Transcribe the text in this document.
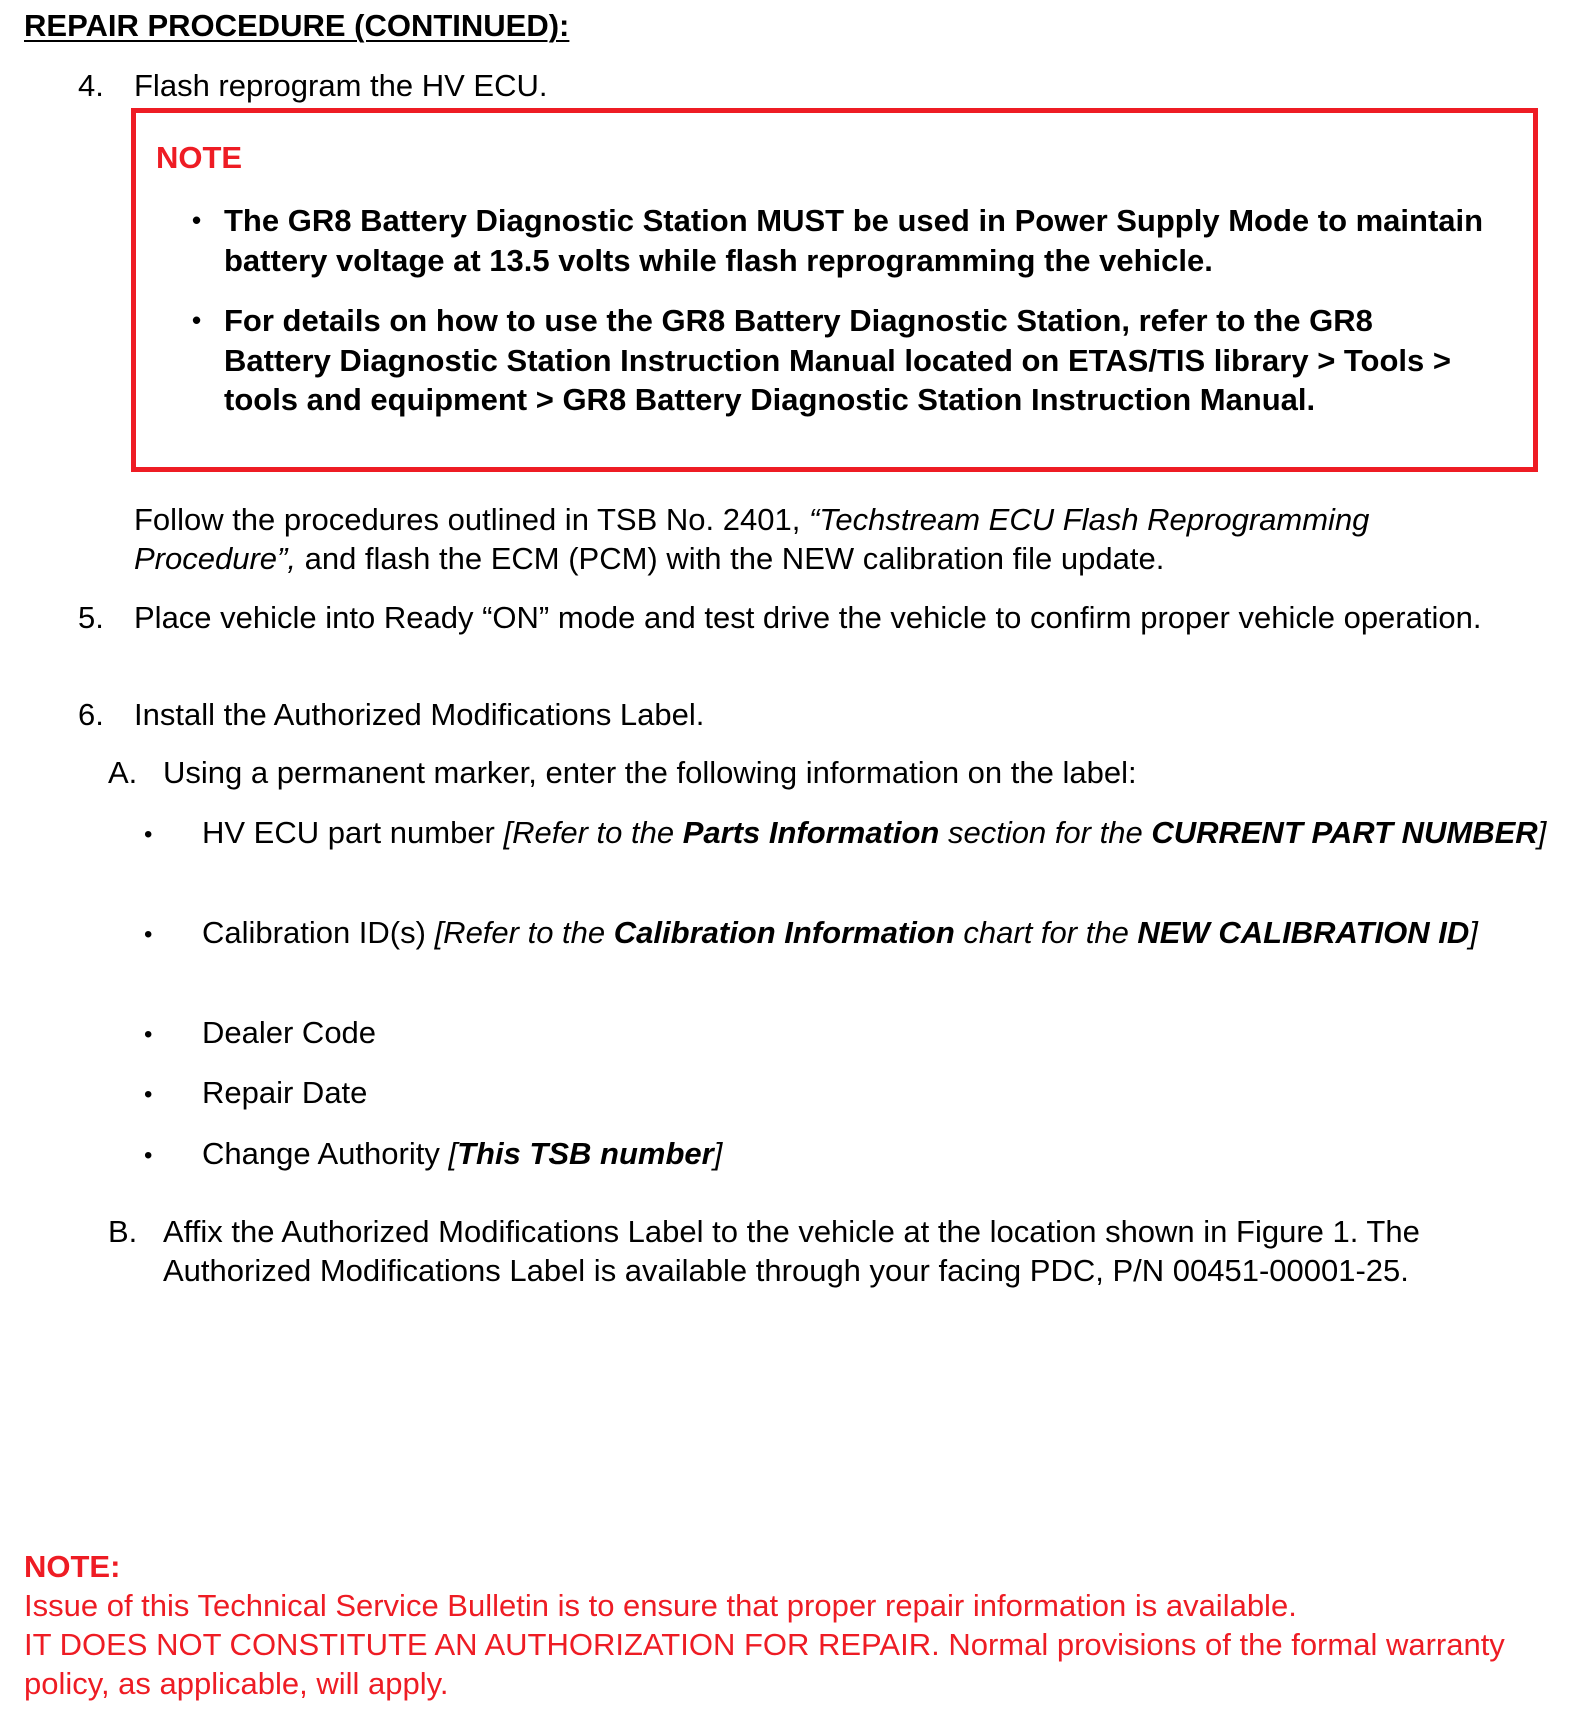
REPAIR PROCEDURE (CONTINUED):
4. Flash reprogram the HV ECU.
NOTE
• The GR8 Battery Diagnostic Station MUST be used in Power Supply Mode to maintain battery voltage at 13.5 volts while flash reprogramming the vehicle.
• For details on how to use the GR8 Battery Diagnostic Station, refer to the GR8 Battery Diagnostic Station Instruction Manual located on ETAS/TIS library > Tools > tools and equipment > GR8 Battery Diagnostic Station Instruction Manual.
Follow the procedures outlined in TSB No. 2401, “Techstream ECU Flash Reprogramming Procedure”, and flash the ECM (PCM) with the NEW calibration file update.
5. Place vehicle into Ready “ON” mode and test drive the vehicle to confirm proper vehicle operation.
6. Install the Authorized Modifications Label.
A. Using a permanent marker, enter the following information on the label:
• HV ECU part number [Refer to the Parts Information section for the CURRENT PART NUMBER]
• Calibration ID(s) [Refer to the Calibration Information chart for the NEW CALIBRATION ID]
• Dealer Code
• Repair Date
• Change Authority [This TSB number]
B. Affix the Authorized Modifications Label to the vehicle at the location shown in Figure 1. The Authorized Modifications Label is available through your facing PDC, P/N 00451-00001-25.
NOTE:
Issue of this Technical Service Bulletin is to ensure that proper repair information is available.
IT DOES NOT CONSTITUTE AN AUTHORIZATION FOR REPAIR. Normal provisions of the formal warranty policy, as applicable, will apply.
